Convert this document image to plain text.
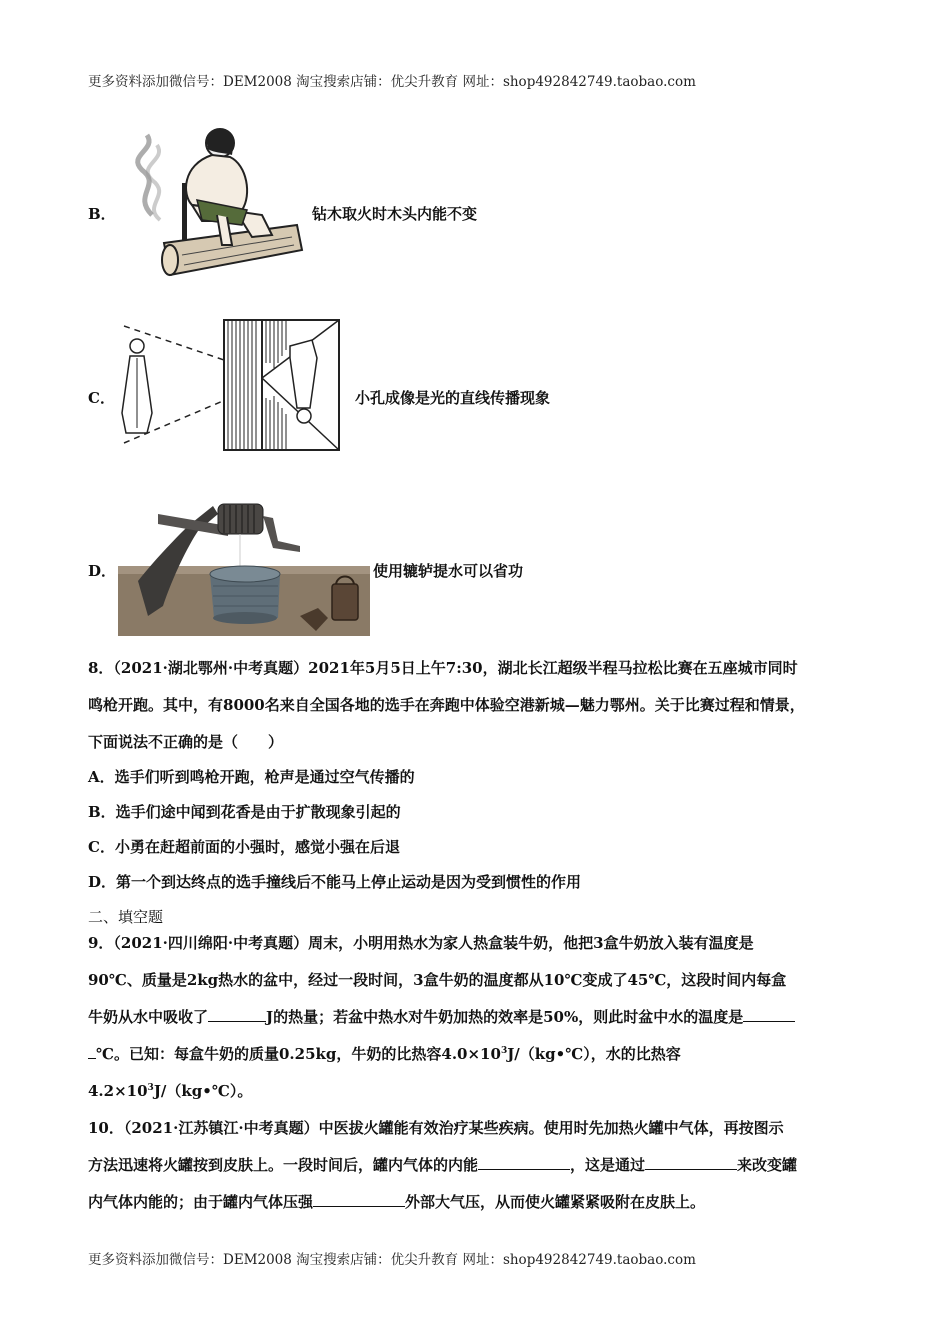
更多资料添加微信号：DEM2008 淘宝搜索店铺：优尖升教育 网址：shop492842749.taobao.com
B．	钻木取火时木头内能不变
C．	小孔成像是光的直线传播现象
D．	使用辘轳提水可以省功
8．（2021·湖北鄂州·中考真题）2021年5月5日上午7:30，湖北长江超级半程马拉松比赛在五座城市同时
鸣枪开跑。其中，有8000名来自全国各地的选手在奔跑中体验空港新城—魅力鄂州。关于比赛过程和情景，
下面说法不正确的是（　　）
A．选手们听到鸣枪开跑，枪声是通过空气传播的
B．选手们途中闻到花香是由于扩散现象引起的
C．小勇在赶超前面的小强时，感觉小强在后退
D．第一个到达终点的选手撞线后不能马上停止运动是因为受到惯性的作用
二、填空题
9．（2021·四川绵阳·中考真题）周末，小明用热水为家人热盒装牛奶，他把3盒牛奶放入装有温度是
90℃、质量是2kg热水的盆中，经过一段时间，3盒牛奶的温度都从10℃变成了45℃，这段时间内每盒
牛奶从水中吸收了	J的热量；若盆中热水对牛奶加热的效率是50%，则此时盆中水的温度是
℃。已知：每盒牛奶的质量0.25kg，牛奶的比热容$4.0\times 10^3J/(kg•℃)$，水的比热容
$4.2\times 10^3J/(kg•℃)$。
10．（2021·江苏镇江·中考真题）中医拔火罐能有效治疗某些疾病。使用时先加热火罐中气体，再按图示
方法迅速将火罐按到皮肤上。一段时间后，罐内气体的内能	，这是通过	来改变罐
内气体内能的；由于罐内气体压强	外部大气压，从而使火罐紧紧吸附在皮肤上。
更多资料添加微信号：DEM2008 淘宝搜索店铺：优尖升教育 网址：shop492842749.taobao.com
